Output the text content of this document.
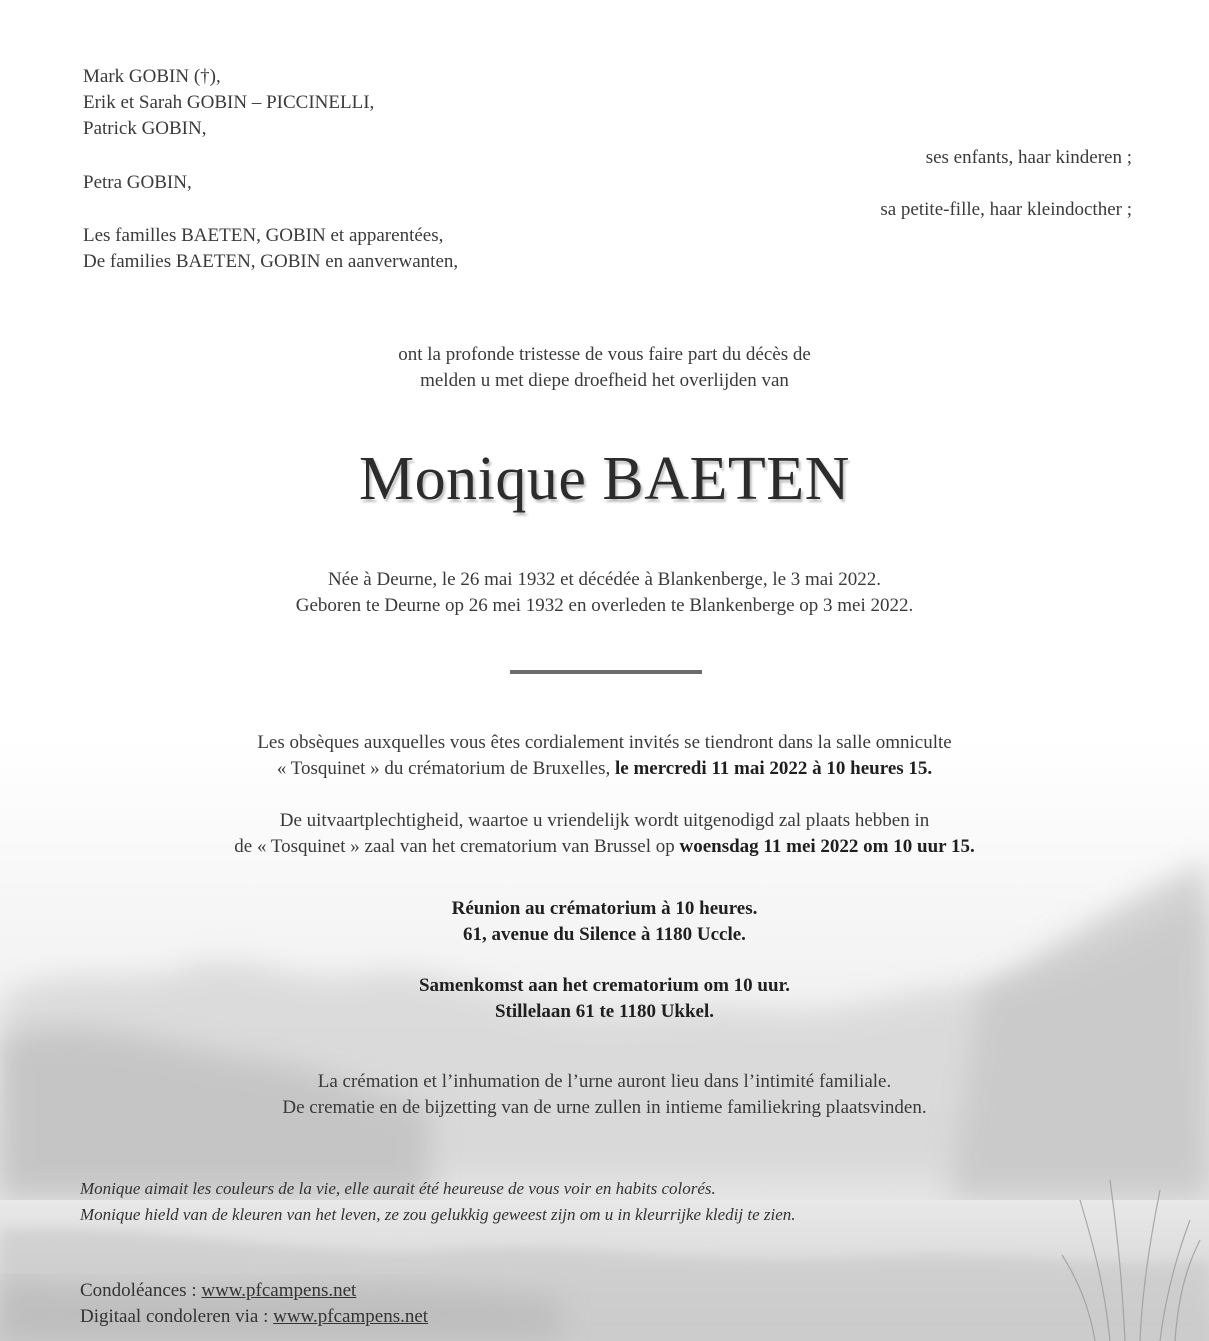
Mark GOBIN (†),
Erik et Sarah GOBIN – PICCINELLI,
Patrick GOBIN,
ses enfants, haar kinderen ;
Petra GOBIN,
sa petite-fille, haar kleindocther ;
Les familles BAETEN, GOBIN et apparentées,
De families BAETEN, GOBIN en aanverwanten,
ont la profonde tristesse de vous faire part du décès de
melden u met diepe droefheid het overlijden van
Monique BAETEN
Née à Deurne, le 26 mai 1932 et décédée à Blankenberge, le 3 mai 2022.
Geboren te Deurne op 26 mei 1932 en overleden te Blankenberge op 3 mei 2022.
Les obsèques auxquelles vous êtes cordialement invités se tiendront dans la salle omniculte
« Tosquinet » du crématorium de Bruxelles, le mercredi 11 mai 2022 à 10 heures 15.
De uitvaartplechtigheid, waartoe u vriendelijk wordt uitgenodigd zal plaats hebben in
de « Tosquinet » zaal van het crematorium van Brussel op woensdag 11 mei 2022 om 10 uur 15.
Réunion au crématorium à 10 heures.
61, avenue du Silence à 1180 Uccle.
Samenkomst aan het crematorium om 10 uur.
Stillelaan 61 te 1180 Ukkel.
La crémation et l’inhumation de l’urne auront lieu dans l’intimité familiale.
De crematie en de bijzetting van de urne zullen in intieme familiekring plaatsvinden.
Monique aimait les couleurs de la vie, elle aurait été heureuse de vous voir en habits colorés.
Monique hield van de kleuren van het leven, ze zou gelukkig geweest zijn om u in kleurrijke kledij te zien.
Condoléances : www.pfcampens.net
Digitaal condoleren via : www.pfcampens.net
